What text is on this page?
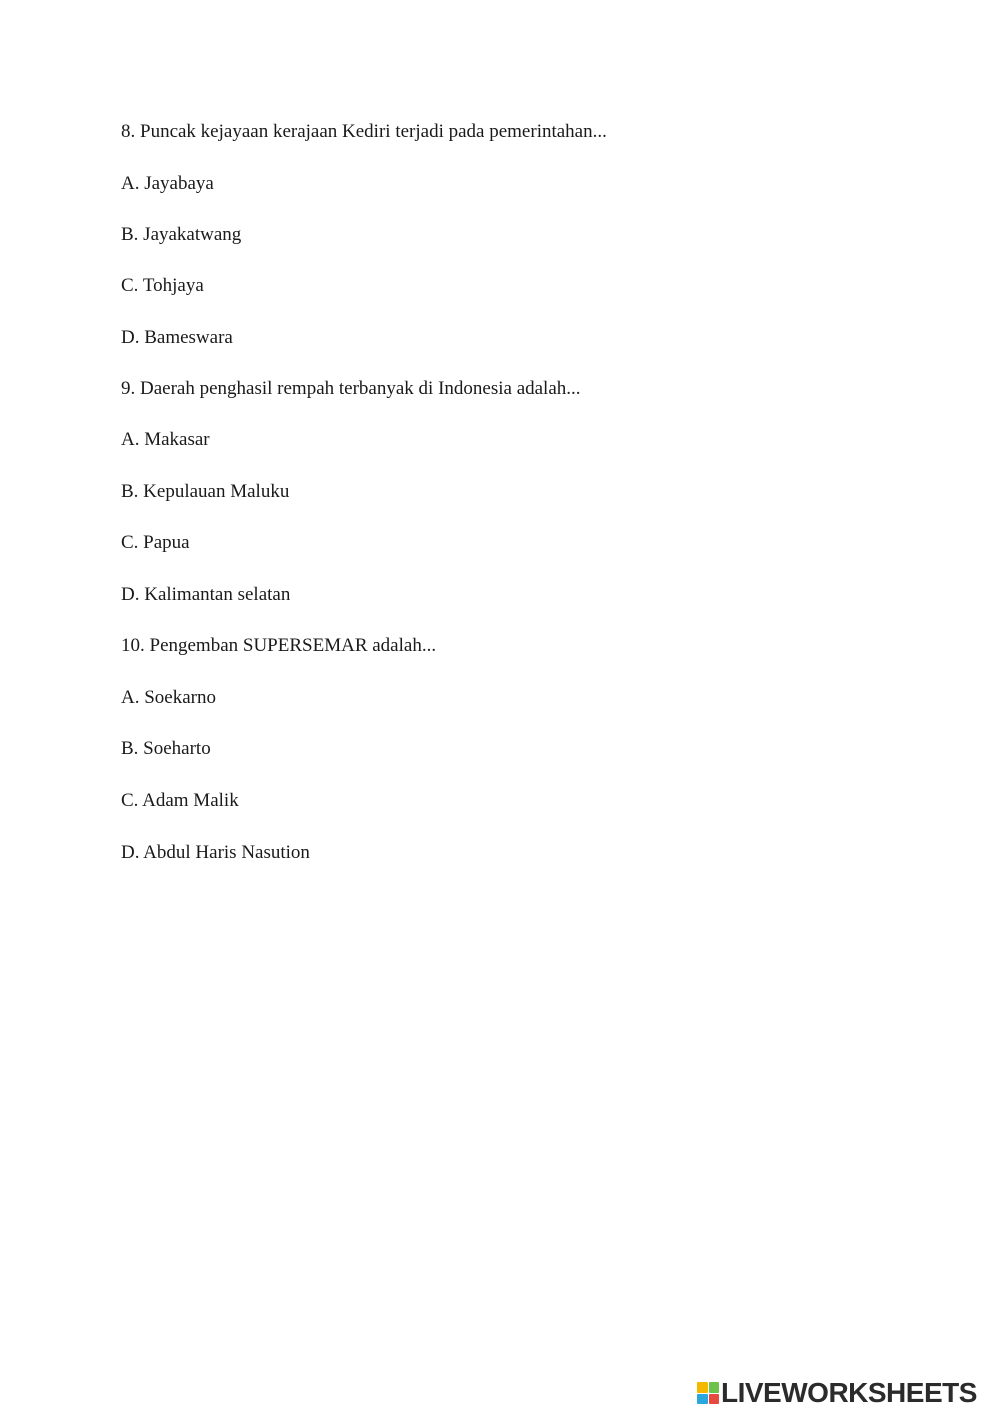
8. Puncak kejayaan kerajaan Kediri terjadi pada pemerintahan...
A. Jayabaya
B. Jayakatwang
C. Tohjaya
D. Bameswara
9. Daerah penghasil rempah terbanyak di Indonesia adalah...
A. Makasar
B. Kepulauan Maluku
C. Papua
D. Kalimantan selatan
10. Pengemban SUPERSEMAR adalah...
A. Soekarno
B. Soeharto
C. Adam Malik
D. Abdul Haris Nasution
LIVEWORKSHEETS
